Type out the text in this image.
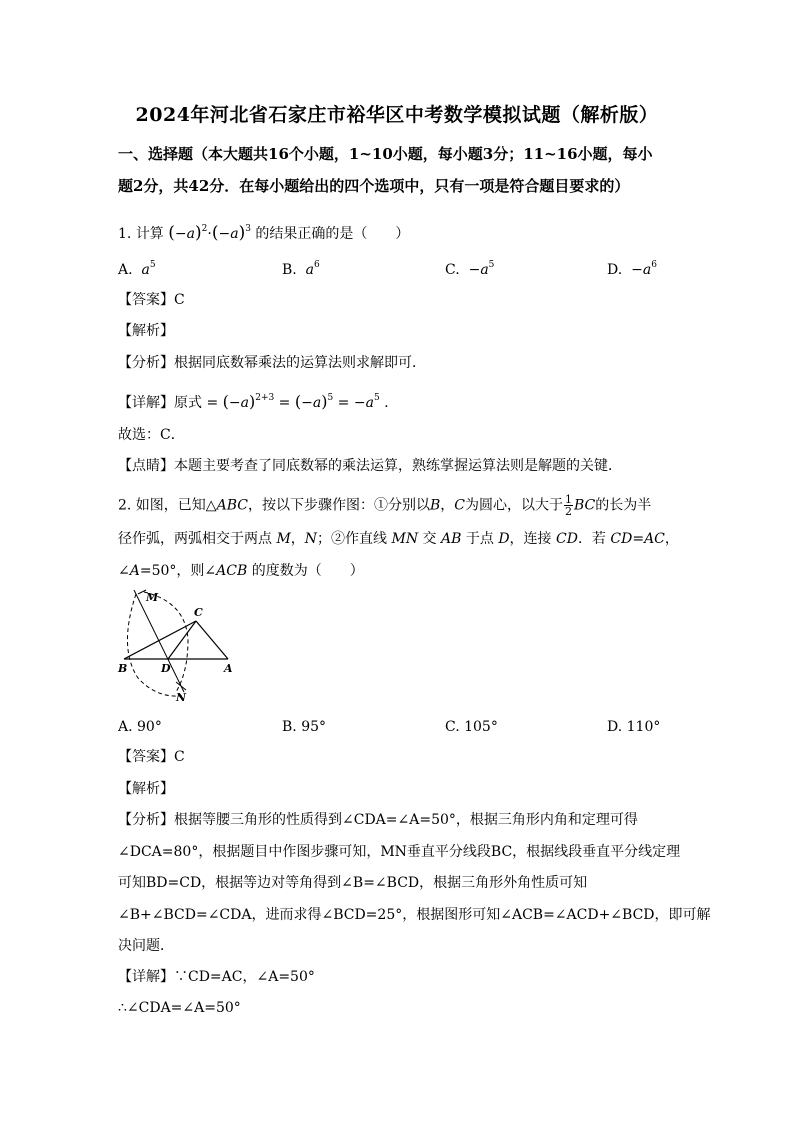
2024年河北省石家庄市裕华区中考数学模拟试题（解析版）
一、选择题（本大题共16个小题，1~10小题，每小题3分；11~16小题，每小
题2分，共42分．在每小题给出的四个选项中，只有一项是符合题目要求的）
1. 计算 $(-a)^2\cdot(-a)^3$ 的结果正确的是（　　）
A. $a^5$	B. $a^6$	C.  $-a^5$	D.  $-a^6$
【答案】C
【解析】
【分析】根据同底数幂乘法的运算法则求解即可．
【详解】原式 = $(-a)^{2+3} = (-a)^5 = -a^5$ .
故选：C．
【点睛】本题主要考查了同底数幂的乘法运算，熟练掌握运算法则是解题的关键．
2. 如图，已知△ABC，按以下步骤作图：①分别以B，C为圆心，以大于 $\frac{1}{2}$ BC的长为半
径作弧，两弧相交于两点 M，N；②作直线 MN 交 AB 于点 D，连接 CD．若 CD=AC，
∠A=50°，则∠ACB 的度数为（　　）
M
C
B	D	A
N
A. 90°	B. 95°	C. 105°	D. 110°
【答案】C
【解析】
【分析】根据等腰三角形的性质得到∠CDA=∠A=50°，根据三角形内角和定理可得
∠DCA=80°，根据题目中作图步骤可知，MN垂直平分线段BC，根据线段垂直平分线定理
可知BD=CD，根据等边对等角得到∠B=∠BCD，根据三角形外角性质可知
∠B+∠BCD=∠CDA，进而求得∠BCD=25°，根据图形可知∠ACB=∠ACD+∠BCD，即可解
决问题．
【详解】∵CD=AC，∠A=50°
∴∠CDA=∠A=50°
